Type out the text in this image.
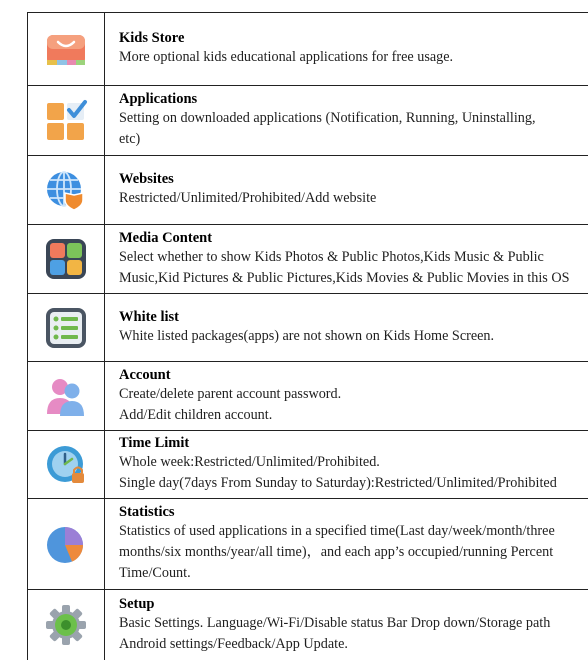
Kids Store
More optional kids educational applications for free usage.
Applications
Setting on downloaded applications (Notification, Running, Uninstalling,
etc)
Websites
Restricted/Unlimited/Prohibited/Add website
Media Content
Select whether to show Kids Photos & Public Photos,Kids Music & Public
Music,Kid Pictures & Public Pictures,Kids Movies & Public Movies in this OS
White list
White listed packages(apps) are not shown on Kids Home Screen.
Account
Create/delete parent account password.
Add/Edit children account.
Time Limit
Whole week:Restricted/Unlimited/Prohibited.
Single day(7days From Sunday to Saturday):Restricted/Unlimited/Prohibited
Statistics
Statistics of used applications in a specified time(Last day/week/month/three
months/six months/year/all time)，and each app’s occupied/running Percent
Time/Count.
Setup
Basic Settings. Language/Wi-Fi/Disable status Bar Drop down/Storage path
Android settings/Feedback/App Update.
